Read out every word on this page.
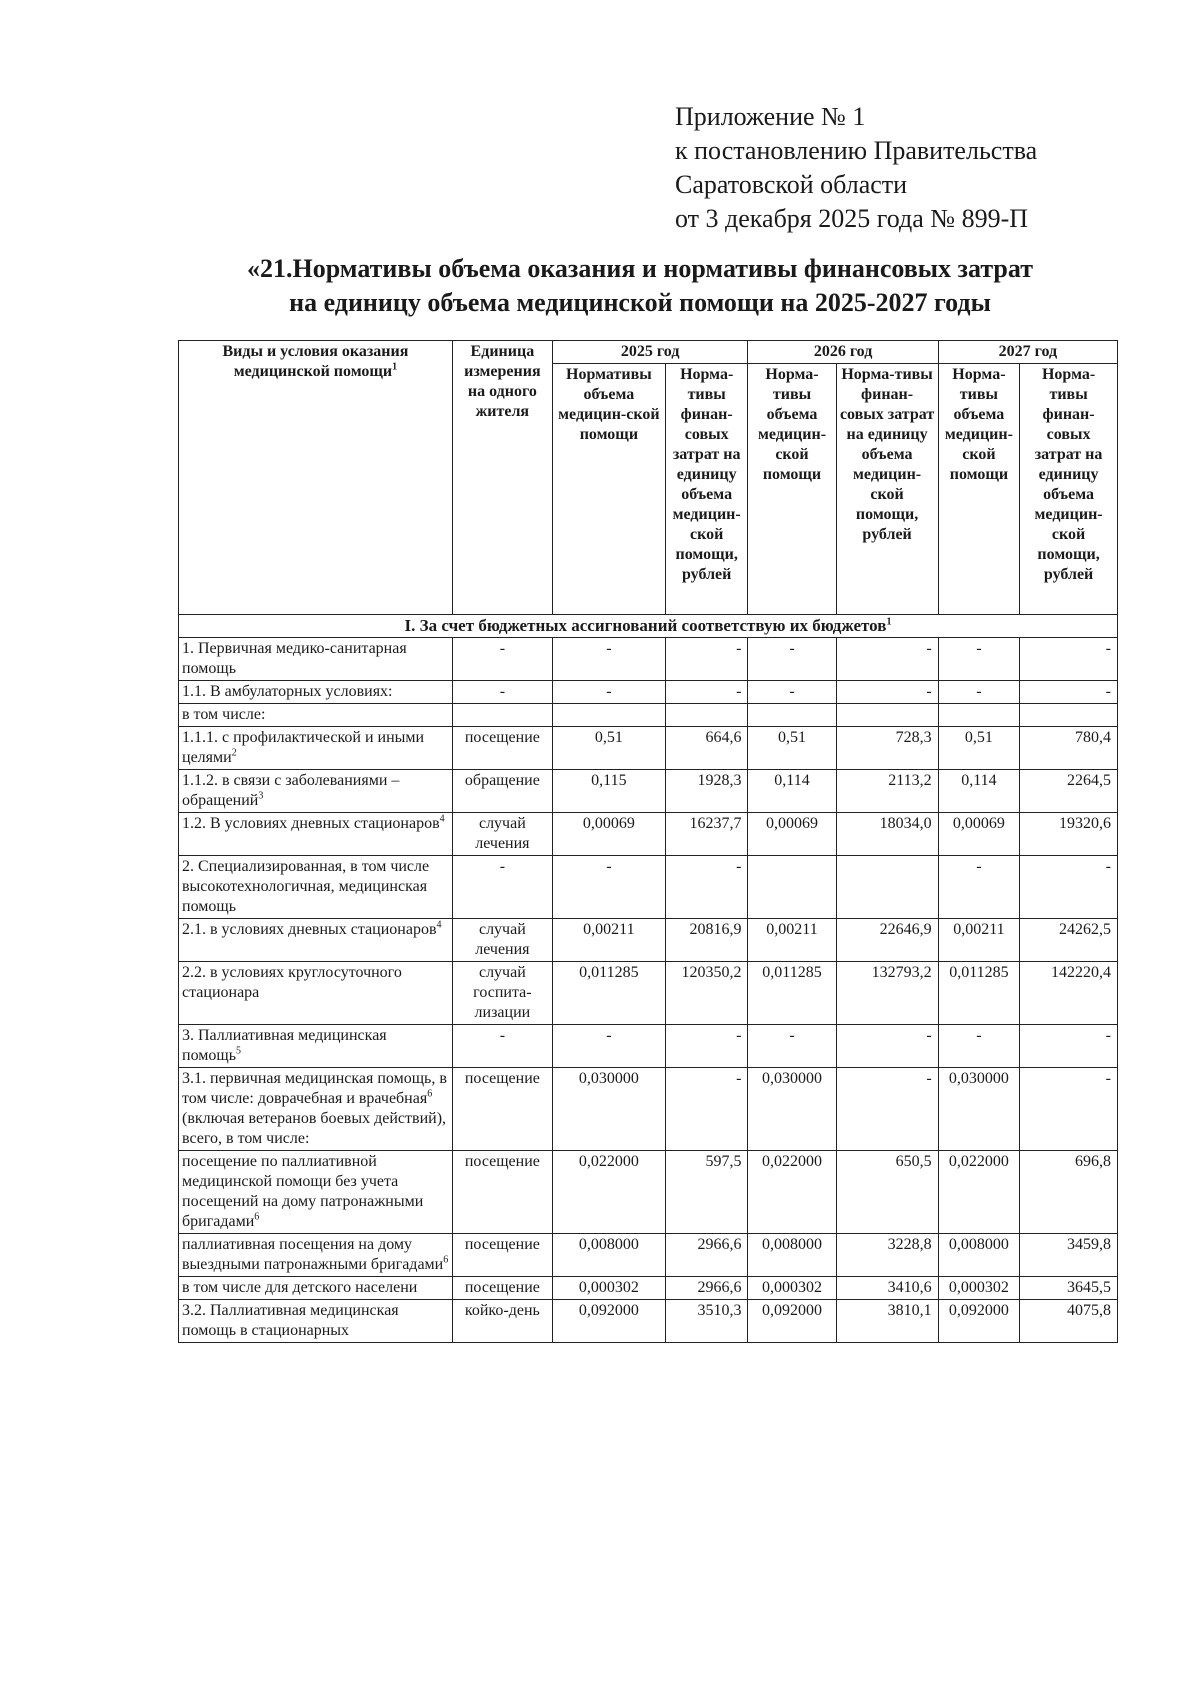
Приложение № 1
к постановлению Правительства
Саратовской области
от 3 декабря 2025 года № 899-П
«21.Нормативы объема оказания и нормативы финансовых затрат
на единицу объема медицинской помощи на 2025-2027 годы
Виды и условия оказания медицинской помощи$^1$	Единица измерения на одного жителя	2025 год		2026 год		2027 год	
		Нормативы объема медицин-ской помощи	Норма-тивы финан-совых затрат на единицу объема медицин-ской помощи, рублей	Норма-тивы объема медицин-ской помощи	Норма-тивы финан-совых затрат на единицу объема медицин-ской помощи, рублей	Норма-тивы объема медицин-ской помощи	Норма-тивы финан-совых затрат на единицу объема медицин-ской помощи, рублей
I. За счет бюджетных ассигнований соответствую их бюджетов$^1$
1. Первичная медико-санитарная помощь	-	-	-	-	-	-	-
1.1. В амбулаторных условиях:	-	-	-	-	-	-	-
в том числе:							
1.1.1. с профилактической и иными целями$^2$	посещение	0,51	664,6	0,51	728,3	0,51	780,4
1.1.2. в связи с заболеваниями – обращений$^3$	обращение	0,115	1928,3	0,114	2113,2	0,114	2264,5
1.2. В условиях дневных стационаров$^4$	случай лечения	0,00069	16237,7	0,00069	18034,0	0,00069	19320,6
2. Специализированная, в том числе высокотехнологичная, медицинская помощь	-	-	-			-	-
2.1. в условиях дневных стационаров$^4$	случай лечения	0,00211	20816,9	0,00211	22646,9	0,00211	24262,5
2.2. в условиях круглосуточного стационара	случай госпита-лизации	0,011285	120350,2	0,011285	132793,2	0,011285	142220,4
3. Паллиативная медицинская помощь$^5$	-	-	-	-	-	-	-
3.1. первичная медицинская помощь, в том числе: доврачебная и врачебная$^6$ (включая ветеранов боевых действий), всего, в том числе:	посещение	0,030000	-	0,030000	-	0,030000	-
посещение по паллиативной медицинской помощи без учета посещений на дому патронажными бригадами$^6$	посещение	0,022000	597,5	0,022000	650,5	0,022000	696,8
паллиативная посещения на дому выездными патронажными бригадами$^6$	посещение	0,008000	2966,6	0,008000	3228,8	0,008000	3459,8
в том числе для детского населени	посещение	0,000302	2966,6	0,000302	3410,6	0,000302	3645,5
3.2. Паллиативная медицинская помощь в стационарных	койко-день	0,092000	3510,3	0,092000	3810,1	0,092000	4075,8
